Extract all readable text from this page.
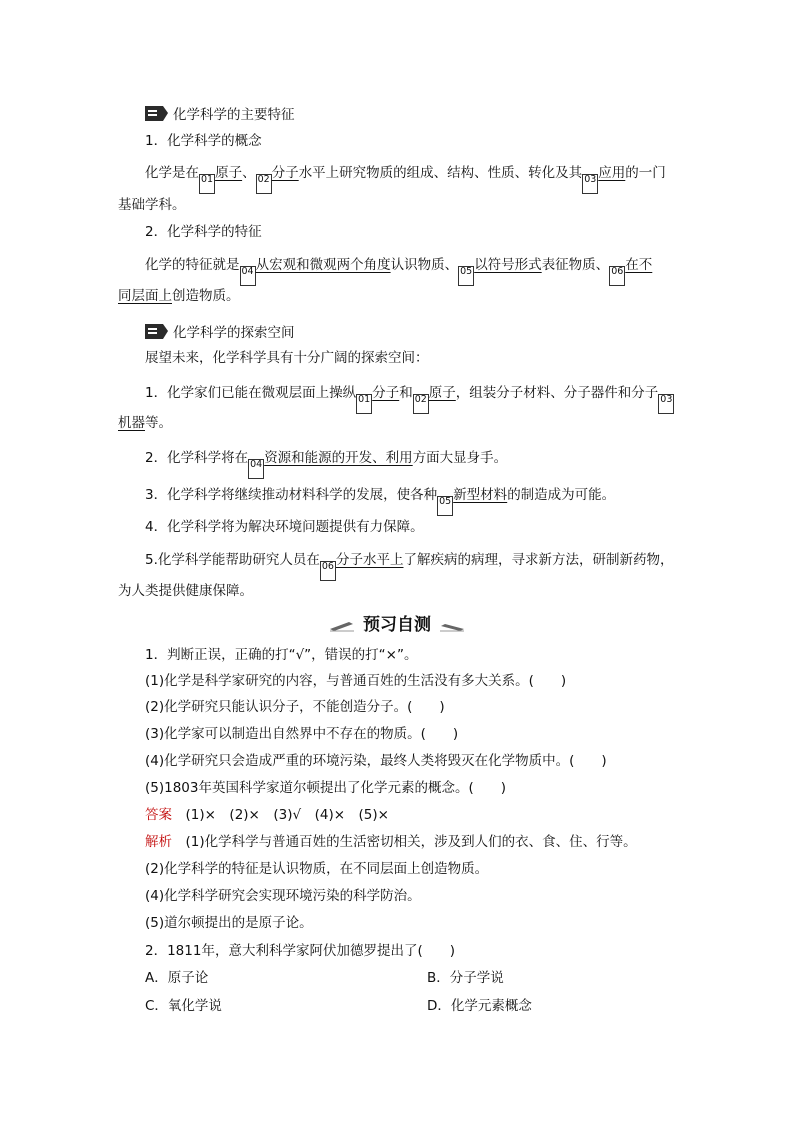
化学科学的主要特征
1．化学科学的概念
化学是在 01 原子、 02 分子水平上研究物质的组成、结构、性质、转化及其 03 应用的一门
基础学科。
2．化学科学的特征
化学的特征就是 04 从宏观和微观两个角度认识物质、 05 以符号形式表征物质、 06 在不
同层面上创造物质。
化学科学的探索空间
展望未来，化学科学具有十分广阔的探索空间：
1．化学家们已能在微观层面上操纵 01 分子和 02 原子，组装分子材料、分子器件和分子 03
机器等。
2．化学科学将在 04 资源和能源的开发、利用方面大显身手。
3．化学科学将继续推动材料科学的发展，使各种 05 新型材料的制造成为可能。
4．化学科学将为解决环境问题提供有力保障。
5.化学科学能帮助研究人员在 06 分子水平上了解疾病的病理，寻求新方法，研制新药物，
为人类提供健康保障。
预习自测
1．判断正误，正确的打“√”，错误的打“×”。
(1)化学是科学家研究的内容，与普通百姓的生活没有多大关系。(　　)
(2)化学研究只能认识分子，不能创造分子。(　　)
(3)化学家可以制造出自然界中不存在的物质。(　　)
(4)化学研究只会造成严重的环境污染，最终人类将毁灭在化学物质中。(　　)
(5)1803年英国科学家道尔顿提出了化学元素的概念。(　　)
答案　 (1)×　(2)×　(3)√　(4)×　(5)×
解析　 (1)化学科学与普通百姓的生活密切相关，涉及到人们的衣、食、住、行等。
(2)化学科学的特征是认识物质，在不同层面上创造物质。
(4)化学科学研究会实现环境污染的科学防治。
(5)道尔顿提出的是原子论。
2．1811年，意大利科学家阿伏加德罗提出了(　　)
A．原子论	B．分子学说
C．氧化学说	D．化学元素概念
